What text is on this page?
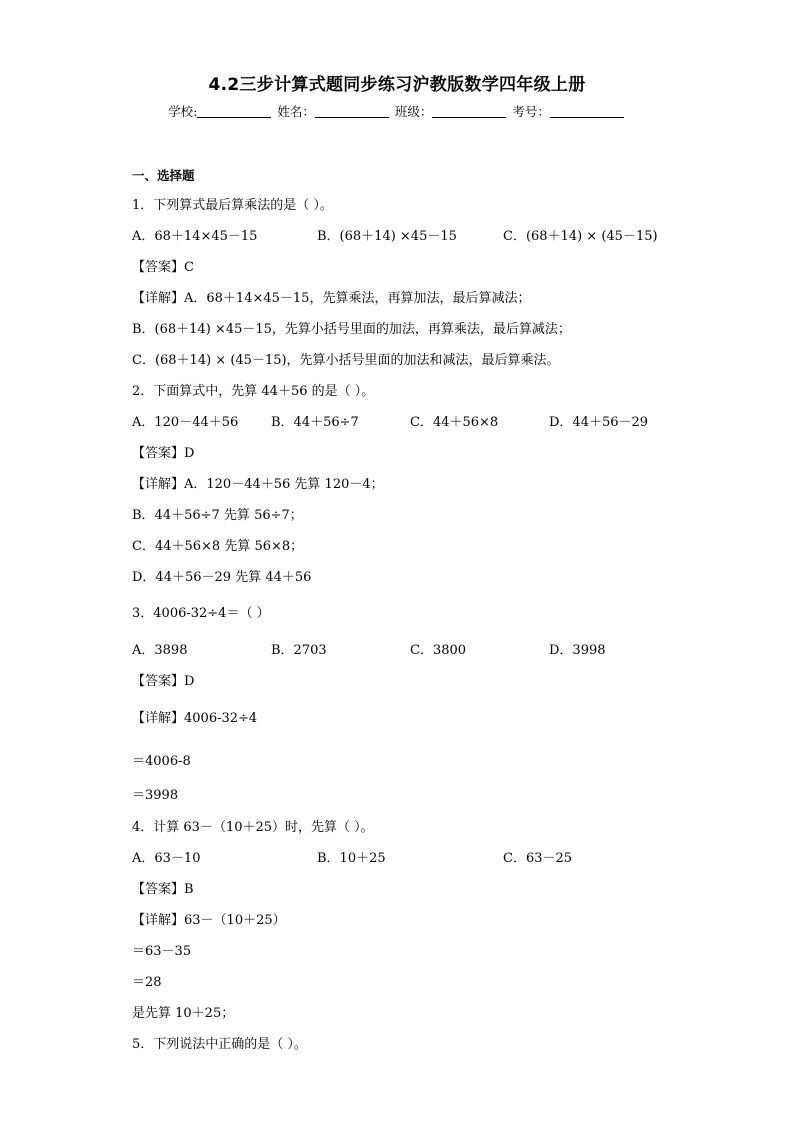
4.2三步计算式题同步练习沪教版数学四年级上册
学校:	姓名：	班级：	考号：
一、选择题
1．下列算式最后算乘法的是（ ）。
A．68＋14×45－15	B．(68＋14) ×45－15	C．(68＋14) × (45－15)
【答案】C
【详解】A．68＋14×45－15，先算乘法，再算加法，最后算减法；
B．(68＋14) ×45－15，先算小括号里面的加法，再算乘法，最后算减法；
C．(68＋14) × (45－15)，先算小括号里面的加法和减法，最后算乘法。
2．下面算式中，先算 44＋56 的是（ ）。
A．120－44＋56	B．44＋56÷7	C．44＋56×8	D．44＋56－29
【答案】D
【详解】A．120－44＋56 先算 120－4；
B．44＋56÷7 先算 56÷7；
C．44＋56×8 先算 56×8；
D．44＋56－29 先算 44＋56
3．4006-32÷4＝（ ）
A．3898	B．2703	C．3800	D．3998
【答案】D
【详解】4006-32÷4
＝4006-8
＝3998
4．计算 63－（10＋25）时，先算（ ）。
A．63－10	B．10＋25	C．63－25
【答案】B
【详解】63－（10＋25）
＝63－35
＝28
是先算 10＋25；
5．下列说法中正确的是（ ）。
